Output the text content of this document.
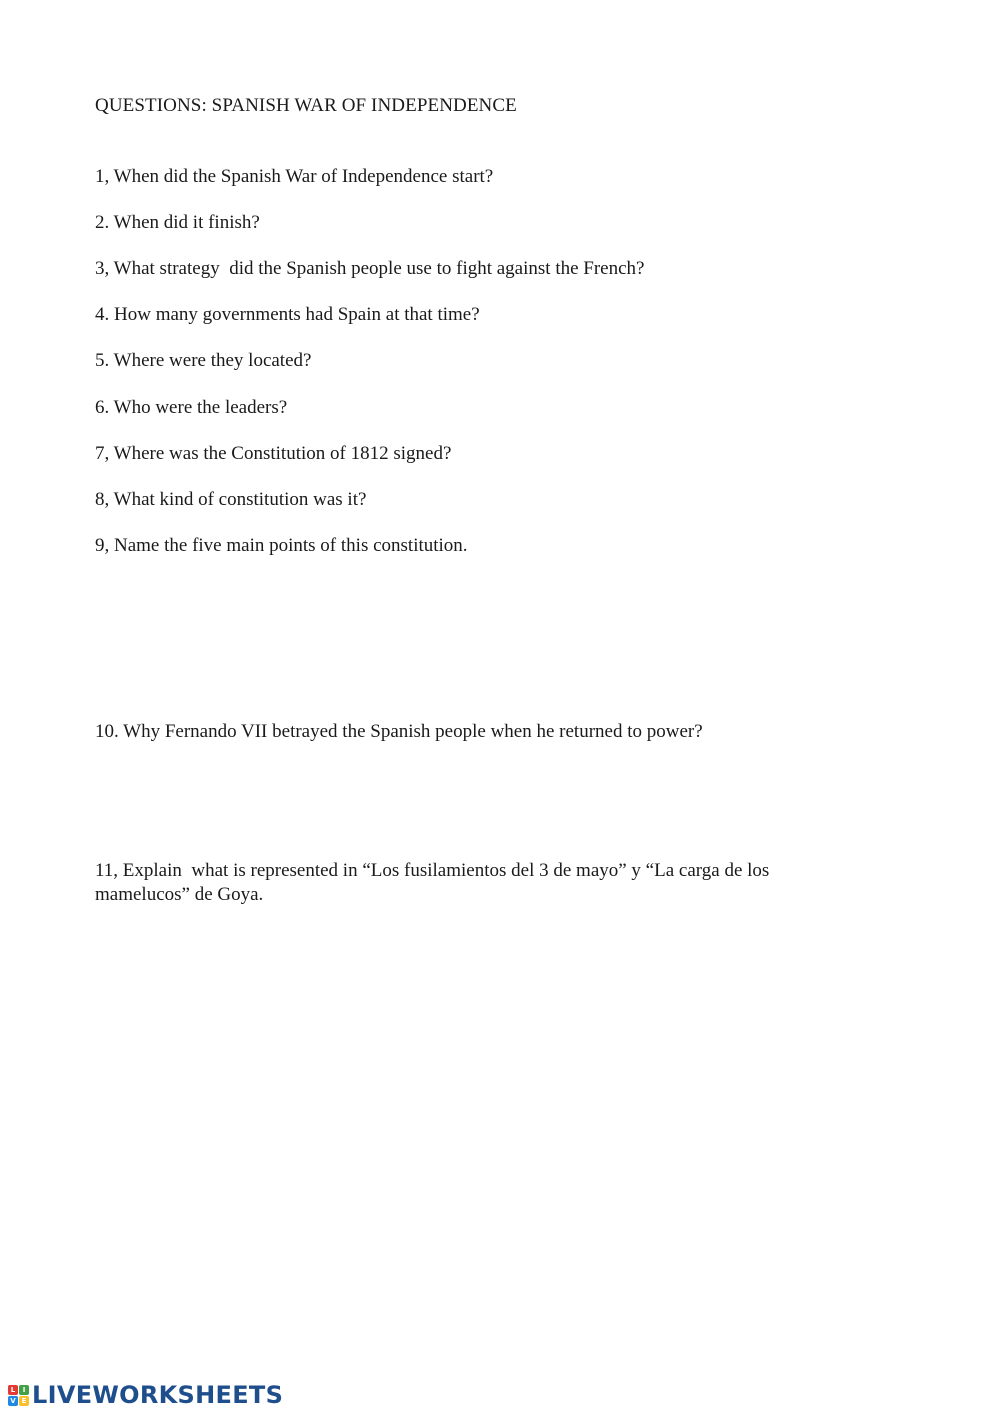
QUESTIONS: SPANISH WAR OF INDEPENDENCE
1, When did the Spanish War of Independence start?
2. When did it finish?
3, What strategy  did the Spanish people use to fight against the French?
4. How many governments had Spain at that time?
5. Where were they located?
6. Who were the leaders?
7, Where was the Constitution of 1812 signed?
8, What kind of constitution was it?
9, Name the five main points of this constitution.
10. Why Fernando VII betrayed the Spanish people when he returned to power?
11, Explain  what is represented in “Los fusilamientos del 3 de mayo” y “La carga de los mamelucos” de Goya.
L	I
V E LIVEWORKSHEETS
